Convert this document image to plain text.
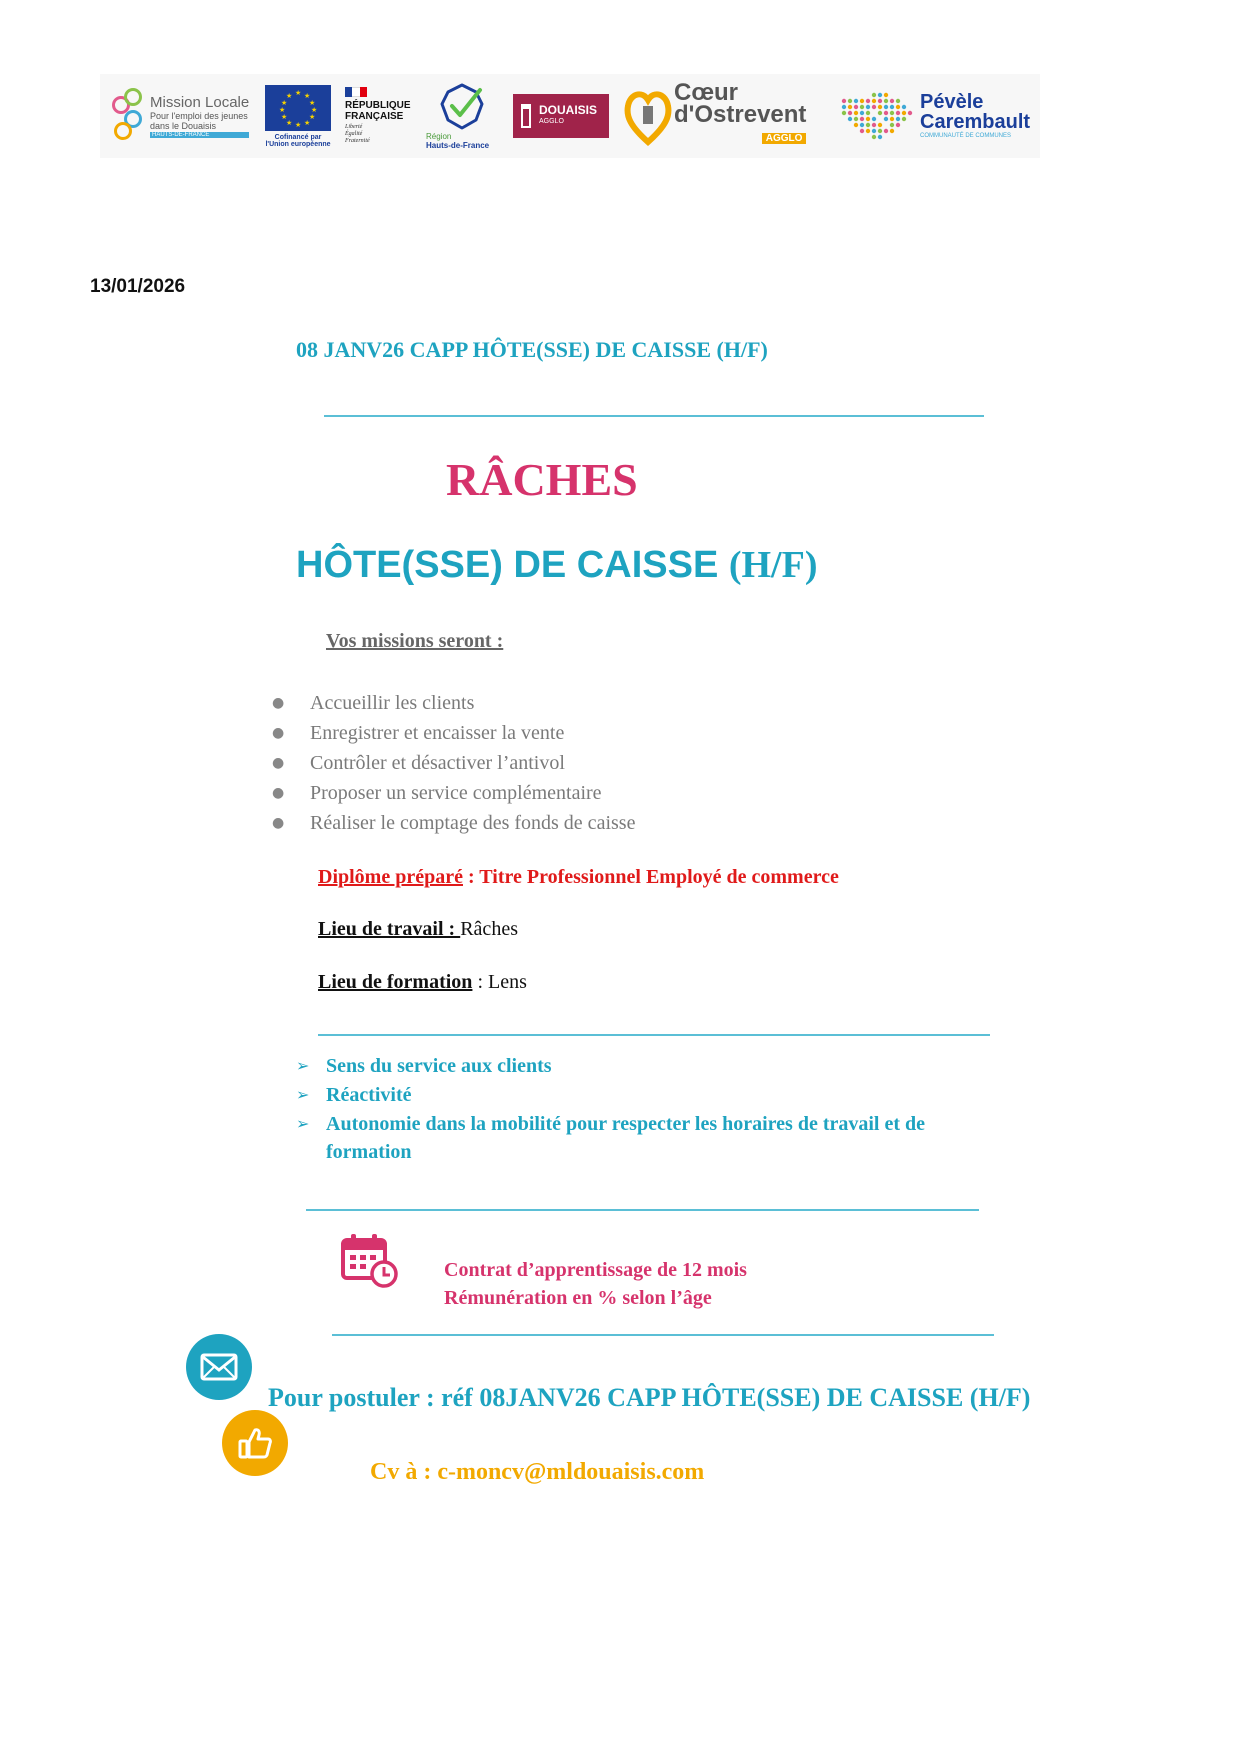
Mission Locale
Pour l'emploi des jeunes
dans le Douaisis
HAUTS-DE-FRANCE
★ ★
★
★
★
★
★
★
★
★
★
★
Cofinancé par
l'Union européenne
RÉPUBLIQUE
FRANÇAISE
Liberté
Égalité
Fraternité	Région
Hauts-de-France
DOUAISIS
AGGLO
Cœur
d'Ostrevent
AGGLO
Pévèle
Carembault
COMMUNAUTÉ DE COMMUNES
13/01/2026
08 JANV26 CAPP HÔTE(SSE) DE CAISSE (H/F)
RÂCHES
HÔTE(SSE) DE CAISSE (H/F)
Vos missions seront :
●	Accueillir les clients
●	Enregistrer et encaisser la vente
●	Contrôler et désactiver l’antivol
●	Proposer un service complémentaire
●	Réaliser le comptage des fonds de caisse
Diplôme préparé : Titre Professionnel Employé de commerce
Lieu de travail : Râches
Lieu de formation : Lens
➢ Sens du service aux clients
➢ Réactivité
➢ Autonomie dans la mobilité pour respecter les horaires de travail et de formation
Contrat d’apprentissage de 12 mois
Rémunération en % selon l’âge
Pour postuler : réf 08JANV26 CAPP HÔTE(SSE) DE CAISSE (H/F)
Cv à : c-moncv@mldouaisis.com
